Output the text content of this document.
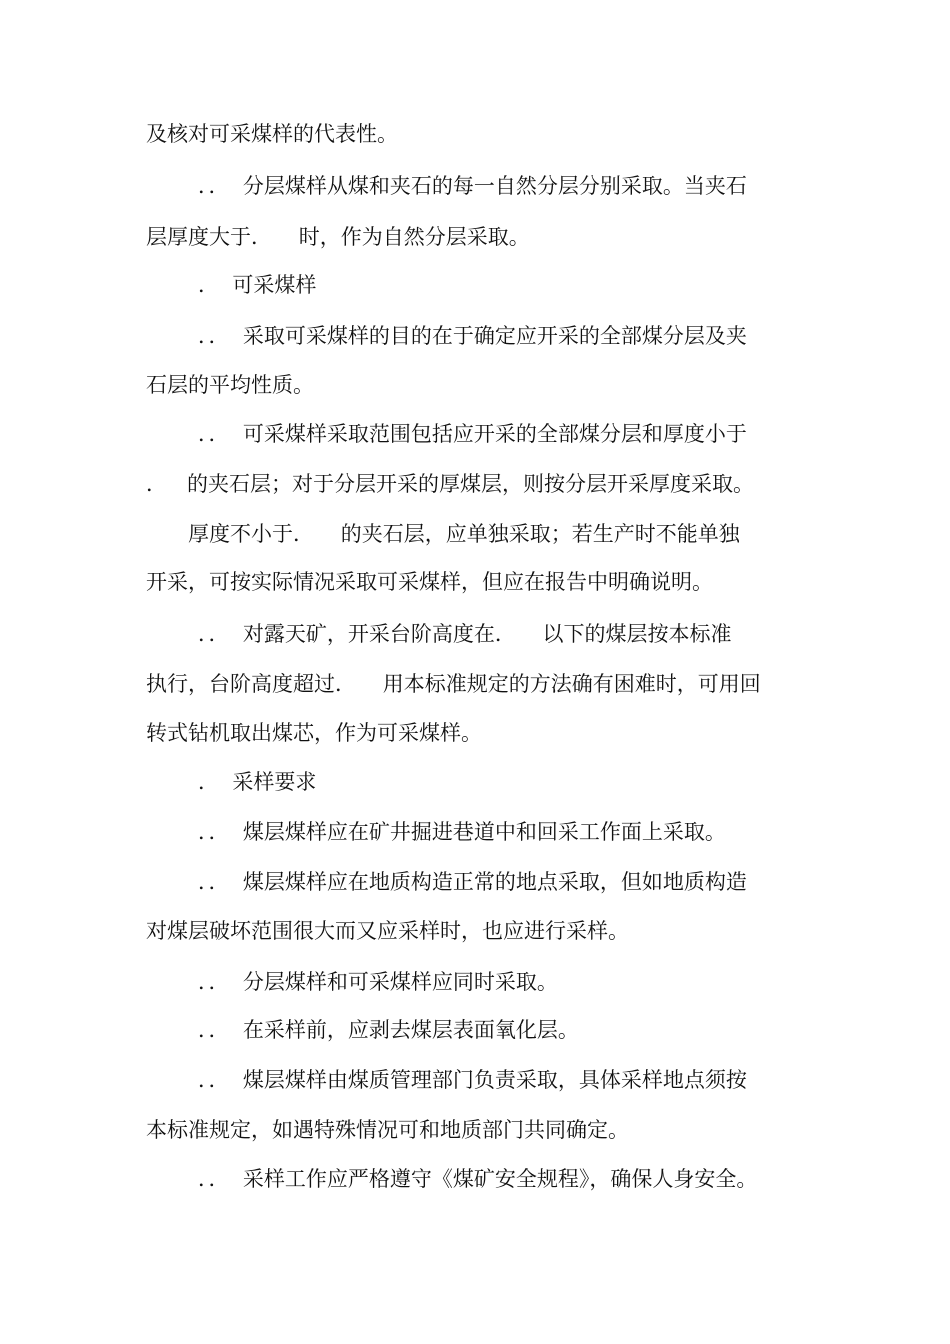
及核对可采煤样的代表性。
．．  分层煤样从煤和夹石的每一自然分层分别采取。当夹石
层厚度大于．    时，作为自然分层采取。
．  可采煤样
．．  采取可采煤样的目的在于确定应开采的全部煤分层及夹
石层的平均性质。
．．  可采煤样采取范围包括应开采的全部煤分层和厚度小于
．   的夹石层；对于分层开采的厚煤层，则按分层开采厚度采取。
厚度不小于．    的夹石层，应单独采取；若生产时不能单独
开采，可按实际情况采取可采煤样，但应在报告中明确说明。
．．  对露天矿，开采台阶高度在．    以下的煤层按本标准
执行，台阶高度超过．    用本标准规定的方法确有困难时，可用回
转式钻机取出煤芯，作为可采煤样。
．  采样要求
．．  煤层煤样应在矿井掘进巷道中和回采工作面上采取。
．．  煤层煤样应在地质构造正常的地点采取，但如地质构造
对煤层破坏范围很大而又应采样时，也应进行采样。
．．  分层煤样和可采煤样应同时采取。
．．  在采样前，应剥去煤层表面氧化层。
．．  煤层煤样由煤质管理部门负责采取，具体采样地点须按
本标准规定，如遇特殊情况可和地质部门共同确定。
．．  采样工作应严格遵守《煤矿安全规程》，确保人身安全。
